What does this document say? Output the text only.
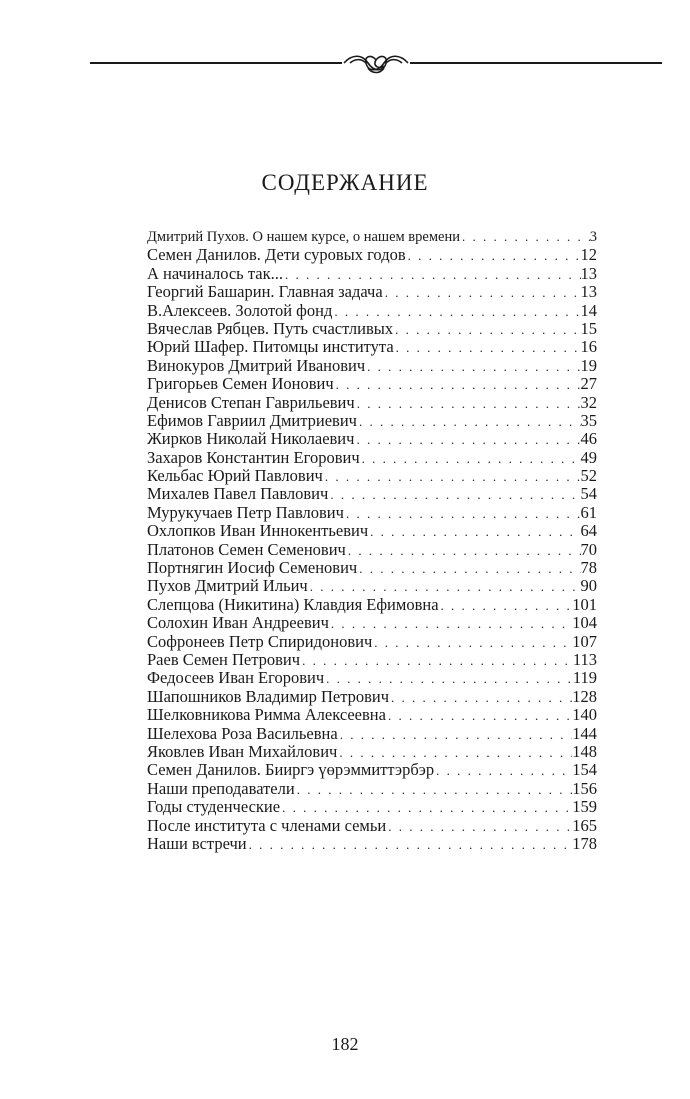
СОДЕРЖАНИЕ
Дмитрий Пухов. О нашем курсе, о нашем времени . . .	3
Семен Данилов. Дети суровых годов . . .	12
А начиналось так... . . .	13
Георгий Башарин. Главная задача . . .	13
В.Алексеев. Золотой фонд . . .	14
Вячеслав Рябцев. Путь счастливых . . .	15
Юрий Шафер. Питомцы института . . .	16
Винокуров Дмитрий Иванович . . .	19
Григорьев Семен Ионович . . .	27
Денисов Степан Гаврильевич . . .	32
Ефимов Гавриил Дмитриевич . . .	35
Жирков Николай Николаевич . . .	46
Захаров Константин Егорович . . .	49
Кельбас Юрий Павлович . . .	52
Михалев Павел Павлович . . .	54
Мурукучаев Петр Павлович . . .	61
Охлопков Иван Иннокентьевич . . .	64
Платонов Семен Семенович . . .	70
Портнягин Иосиф Семенович . . .	78
Пухов Дмитрий Ильич . . .	90
Слепцова (Никитина) Клавдия Ефимовна . . .	101
Солохин Иван Андреевич . . .	104
Софронеев Петр Спиридонович . . .	107
Раев Семен Петрович . . .	113
Федосеев Иван Егорович . . .	119
Шапошников Владимир Петрович . . .	128
Шелковникова Римма Алексеевна . . .	140
Шелехова Роза Васильевна . . .	144
Яковлев Иван Михайлович . . .	148
Семен Данилов. Бииргэ үөрэммиттэрбэр . . .	154
Наши преподаватели . . .	156
Годы студенческие . . .	159
После института с членами семьи . . .	165
Наши встречи . . .	178
182
